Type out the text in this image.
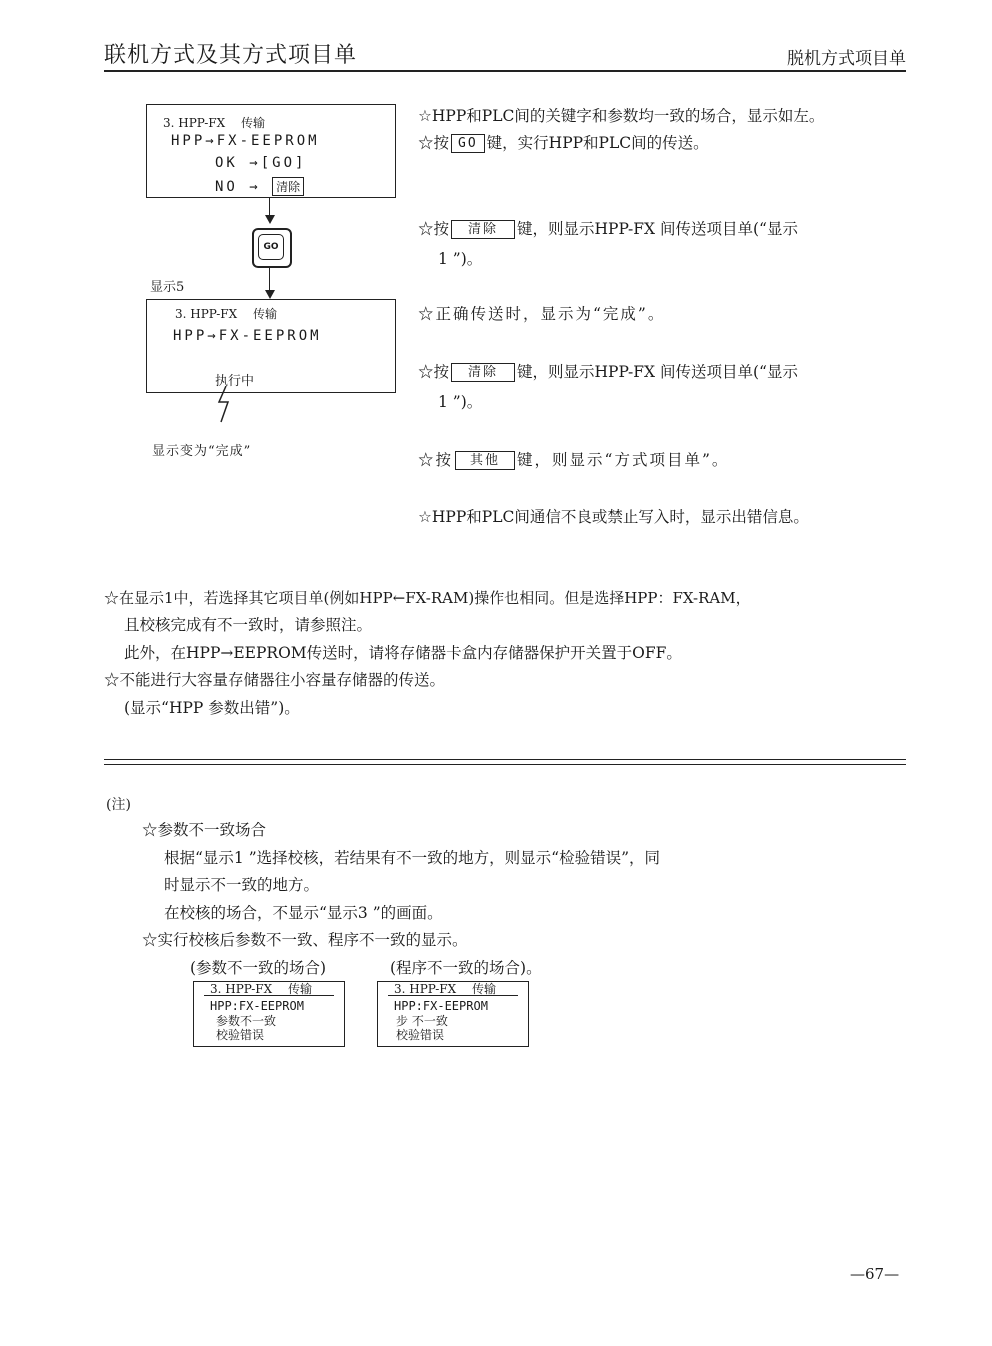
联机方式及其方式项目单	脱机方式项目单
3. HPP-FX　 传输
HPP→FX-EEPROM
OK →[GO]
NO → 清除
GO
显示5
3. HPP-FX　 传输
HPP→FX-EEPROM
执行中
显示变为“完成”
☆HPP和PLC间的关键字和参数均一致的场合，显示如左。
☆按 GO 键，实行HPP和PLC间的传送。
☆按 清除 键，则显示HPP-FX 间传送项目单(“显示
1 ”)。
☆正确传送时，显示为“完成”。
☆按 清除 键，则显示HPP-FX 间传送项目单(“显示
1 ”)。
☆按 其他 键，则显示“方式项目单”。
☆HPP和PLC间通信不良或禁止写入时，显示出错信息。
☆在显示1中，若选择其它项目单(例如HPP←FX-RAM)操作也相同。但是选择HPP：FX-RAM，
且校核完成有不一致时，请参照注。
此外，在HPP→EEPROM传送时，请将存储器卡盒内存储器保护开关置于OFF。
☆不能进行大容量存储器往小容量存储器的传送。
(显示“HPP 参数出错”)。
(注)
☆参数不一致场合
根据“显示1 ”选择校核，若结果有不一致的地方，则显示“检验错误”，同
时显示不一致的地方。
在校核的场合，不显示“显示3 ”的画面。
☆实行校核后参数不一致、程序不一致的显示。
(参数不一致的场合)	(程序不一致的场合)。
3. HPP-FX　 传输
HPP:FX-EEPROM
参数不一致
校验错误
3. HPP-FX　 传输
HPP:FX-EEPROM
步 不一致
校验错误
—67—
